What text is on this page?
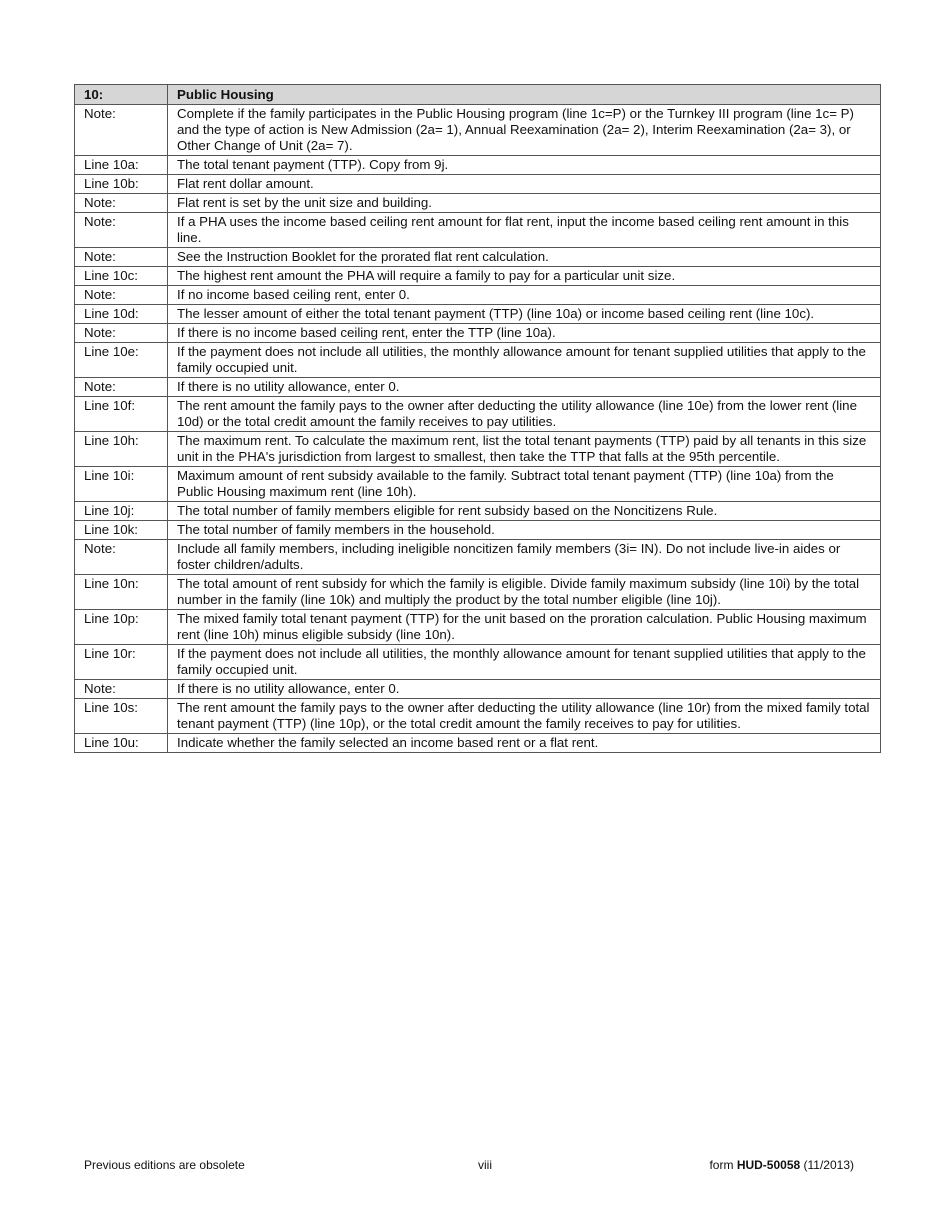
10:	Public Housing
Note:	Complete if the family participates in the Public Housing program (line 1c=P) or the Turnkey III program (line 1c= P) and the type of action is New Admission (2a= 1), Annual Reexamination (2a= 2), Interim Reexamination (2a= 3), or Other Change of Unit (2a= 7).
Line 10a:	The total tenant payment (TTP). Copy from 9j.
Line 10b:	Flat rent dollar amount.
Note:	Flat rent is set by the unit size and building.
Note:	If a PHA uses the income based ceiling rent amount for flat rent, input the income based ceiling rent amount in this line.
Note:	See the Instruction Booklet for the prorated flat rent calculation.
Line 10c:	The highest rent amount the PHA will require a family to pay for a particular unit size.
Note:	If no income based ceiling rent, enter 0.
Line 10d:	The lesser amount of either the total tenant payment (TTP) (line 10a) or income based ceiling rent (line 10c).
Note:	If there is no income based ceiling rent, enter the TTP (line 10a).
Line 10e:	If the payment does not include all utilities, the monthly allowance amount for tenant supplied utilities that apply to the family occupied unit.
Note:	If there is no utility allowance, enter 0.
Line 10f:	The rent amount the family pays to the owner after deducting the utility allowance (line 10e) from the lower rent (line 10d) or the total credit amount the family receives to pay utilities.
Line 10h:	The maximum rent. To calculate the maximum rent, list the total tenant payments (TTP) paid by all tenants in this size unit in the PHA's jurisdiction from largest to smallest, then take the TTP that falls at the 95th percentile.
Line 10i:	Maximum amount of rent subsidy available to the family. Subtract total tenant payment (TTP) (line 10a) from the Public Housing maximum rent (line 10h).
Line 10j:	The total number of family members eligible for rent subsidy based on the Noncitizens Rule.
Line 10k:	The total number of family members in the household.
Note:	Include all family members, including ineligible noncitizen family members (3i= IN). Do not include live-in aides or foster children/adults.
Line 10n:	The total amount of rent subsidy for which the family is eligible. Divide family maximum subsidy (line 10i) by the total number in the family (line 10k) and multiply the product by the total number eligible (line 10j).
Line 10p:	The mixed family total tenant payment (TTP) for the unit based on the proration calculation. Public Housing maximum rent (line 10h) minus eligible subsidy (line 10n).
Line 10r:	If the payment does not include all utilities, the monthly allowance amount for tenant supplied utilities that apply to the family occupied unit.
Note:	If there is no utility allowance, enter 0.
Line 10s:	The rent amount the family pays to the owner after deducting the utility allowance (line 10r) from the mixed family total tenant payment (TTP) (line 10p), or the total credit amount the family receives to pay for utilities.
Line 10u:	Indicate whether the family selected an income based rent or a flat rent.
Previous editions are obsolete	viii	form HUD-50058 (11/2013)
